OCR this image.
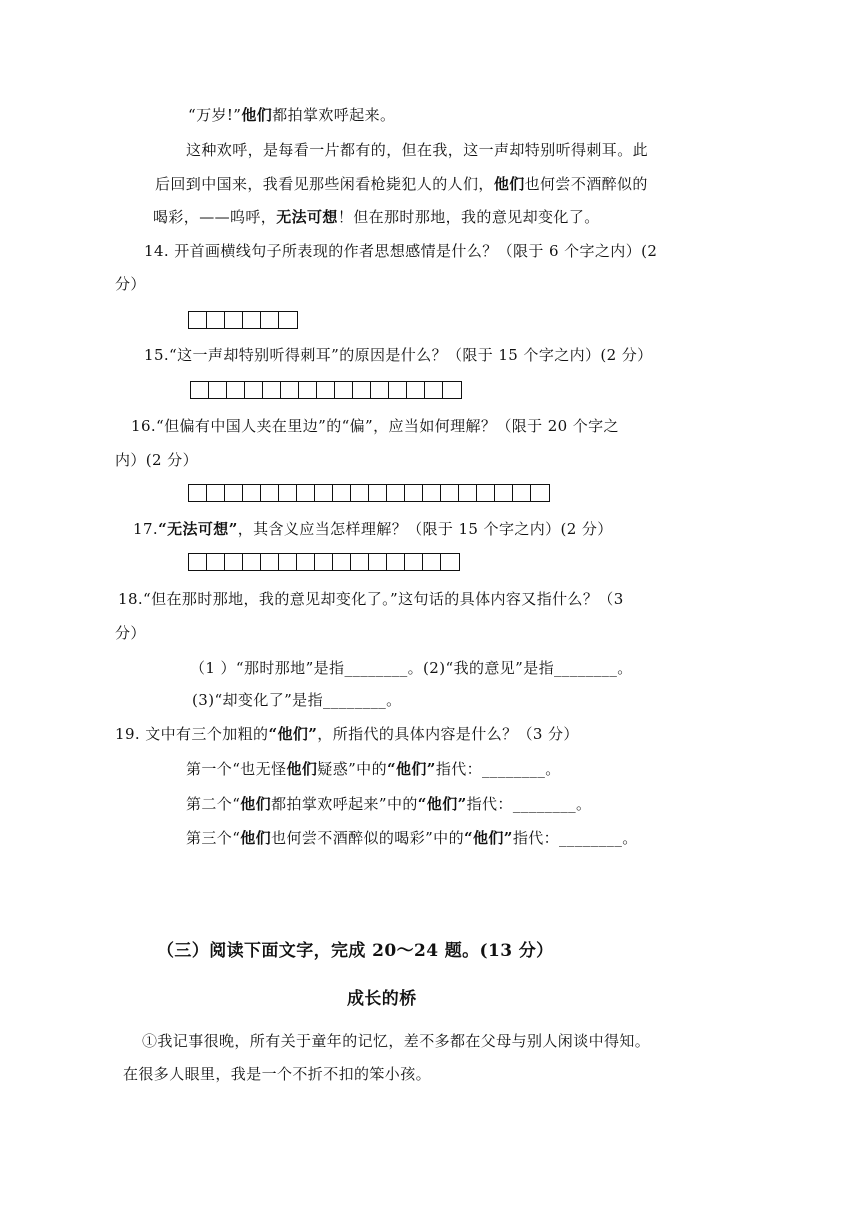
“万岁!”他们都拍掌欢呼起来。
这种欢呼，是每看一片都有的，但在我，这一声却特别听得刺耳。此
后回到中国来，我看见那些闲看枪毙犯人的人们，他们也何尝不酒醉似的
喝彩，——呜呼，无法可想！但在那时那地，我的意见却变化了。
14. 开首画横线句子所表现的作者思想感情是什么？（限于 6 个字之内）(2
分）
15.“这一声却特别听得刺耳”的原因是什么？（限于 15 个字之内）(2 分）
16.“但偏有中国人夹在里边”的“偏”，应当如何理解？（限于 20 个字之
内）(2 分）
17.“无法可想”，其含义应当怎样理解？（限于 15 个字之内）(2 分）
18.“但在那时那地，我的意见却变化了。”这句话的具体内容又指什么？（3
分）
（1 ）“那时那地”是指________。(2)“我的意见”是指________。
(3)“却变化了”是指________。
19. 文中有三个加粗的“他们”，所指代的具体内容是什么？（3 分）
第一个“也无怪他们疑惑”中的“他们”指代：________。
第二个“他们都拍掌欢呼起来”中的“他们”指代：________。
第三个“他们也何尝不酒醉似的喝彩”中的“他们”指代：________。
（三）阅读下面文字，完成 20～24 题。(13 分）
成长的桥
①我记事很晚，所有关于童年的记忆，差不多都在父母与别人闲谈中得知。
在很多人眼里，我是一个不折不扣的笨小孩。
